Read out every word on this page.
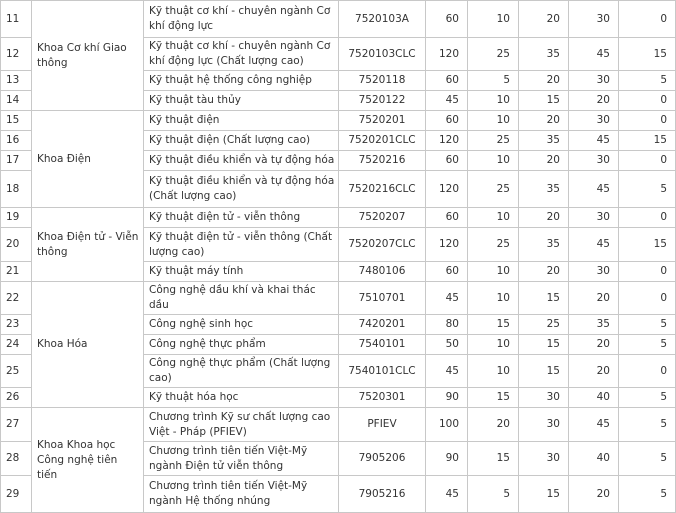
11	Khoa Cơ khí Giao thông	Kỹ thuật cơ khí - chuyên ngành Cơ khí động lực	7520103A	60	10	20	30	0
12		Kỹ thuật cơ khí - chuyên ngành Cơ khí động lực (Chất lượng cao)	7520103CLC	120	25	35	45	15
13		Kỹ thuật hệ thống công nghiệp	7520118	60	5	20	30	5
14		Kỹ thuật tàu thủy	7520122	45	10	15	20	0
15	Khoa Điện	Kỹ thuật điện	7520201	60	10	20	30	0
16		Kỹ thuật điện (Chất lượng cao)	7520201CLC	120	25	35	45	15
17		Kỹ thuật điều khiển và tự động hóa	7520216	60	10	20	30	0
18		Kỹ thuật điều khiển và tự động hóa (Chất lượng cao)	7520216CLC	120	25	35	45	5
19	Khoa Điện tử - Viễn thông	Kỹ thuật điện tử - viễn thông	7520207	60	10	20	30	0
20		Kỹ thuật điện tử - viễn thông (Chất lượng cao)	7520207CLC	120	25	35	45	15
21		Kỹ thuật máy tính	7480106	60	10	20	30	0
22	Khoa Hóa	Công nghệ dầu khí và khai thác dầu	7510701	45	10	15	20	0
23		Công nghệ sinh học	7420201	80	15	25	35	5
24		Công nghệ thực phẩm	7540101	50	10	15	20	5
25		Công nghệ thực phẩm (Chất lượng cao)	7540101CLC	45	10	15	20	0
26		Kỹ thuật hóa học	7520301	90	15	30	40	5
27	Khoa Khoa học Công nghệ tiên tiến	Chương trình Kỹ sư chất lượng cao Việt - Pháp (PFIEV)	PFIEV	100	20	30	45	5
28		Chương trình tiên tiến Việt-Mỹ ngành Điện tử viễn thông	7905206	90	15	30	40	5
29		Chương trình tiên tiến Việt-Mỹ ngành Hệ thống nhúng	7905216	45	5	15	20	5
